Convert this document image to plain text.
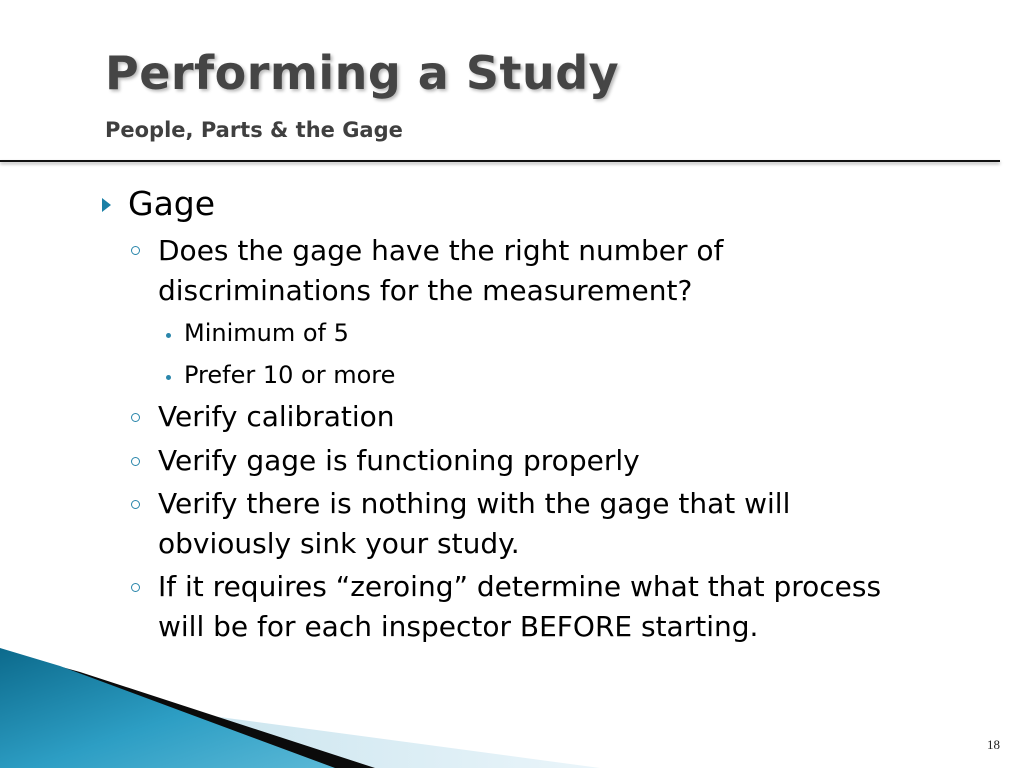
Performing a Study
People, Parts & the Gage
Gage
Does the gage have the right number of discriminations for the measurement?
Minimum of 5
Prefer 10 or more
Verify calibration
Verify gage is functioning properly
Verify there is nothing with the gage that will obviously sink your study.
If it requires “zeroing” determine what that process will be for each inspector BEFORE starting.
18
